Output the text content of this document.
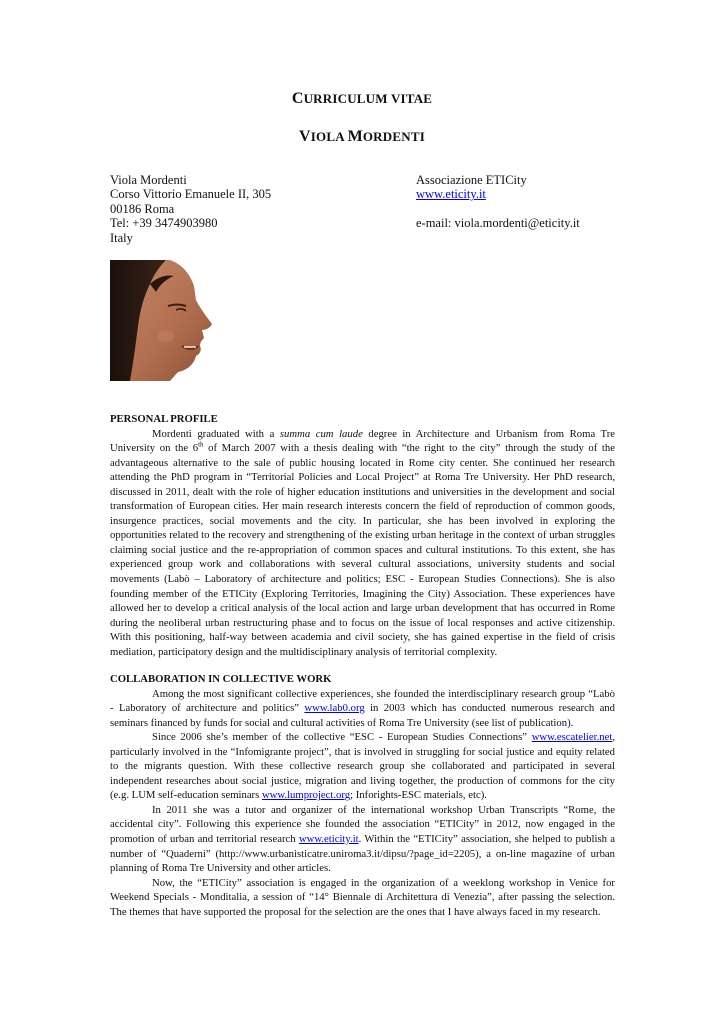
CURRICULUM VITAE
VIOLA MORDENTI
Viola Mordenti
Corso Vittorio Emanuele II, 305
00186 Roma
Tel: +39 3474903980
Italy
Associazione ETICity
www.eticity.it

e-mail: viola.mordenti@eticity.it
PERSONAL PROFILE

Mordenti graduated with a summa cum laude degree in Architecture and Urbanism from Roma Tre University on the 6th of March 2007 with a thesis dealing with “the right to the city” through the study of the advantageous alternative to the sale of public housing located in Rome city center. She continued her research attending the PhD program in “Territorial Policies and Local Project” at Roma Tre University. Her PhD research, discussed in 2011, dealt with the role of higher education institutions and universities in the development and social transformation of European cities. Her main research interests concern the field of reproduction of common goods, insurgence practices, social movements and the city. In particular, she has been involved in exploring the opportunities related to the recovery and strengthening of the existing urban heritage in the context of urban struggles claiming social justice and the re-appropriation of common spaces and cultural institutions. To this extent, she has experienced group work and collaborations with several cultural associations, university students and social movements (Labò – Laboratory of architecture and politics; ESC - European Studies Connections). She is also founding member of the ETICity (Exploring Territories, Imagining the City) Association. These experiences have allowed her to develop a critical analysis of the local action and large urban development that has occurred in Rome during the neoliberal urban restructuring phase and to focus on the issue of local responses and active citizenship. With this positioning, half-way between academia and civil society, she has gained expertise in the field of crisis mediation, participatory design and the multidisciplinary analysis of territorial complexity.

COLLABORATION IN COLLECTIVE WORK

Among the most significant collective experiences, she founded the interdisciplinary research group “Labò - Laboratory of architecture and politics” www.lab0.org in 2003 which has conducted numerous research and seminars financed by funds for social and cultural activities of Roma Tre University (see list of publication).

Since 2006 she’s member of the collective “ESC - European Studies Connections” www.escatelier.net, particularly involved in the “Infomigrante project”, that is involved in struggling for social justice and equity related to the migrants question. With these collective research group she collaborated and participated in several independent researches about social justice, migration and living together, the production of commons for the city (e.g. LUM self-education seminars www.lumproject.org; Inforights-ESC materials, etc).

In 2011 she was a tutor and organizer of the international workshop Urban Transcripts “Rome, the accidental city”. Following this experience she founded the association “ETICity” in 2012, now engaged in the promotion of urban and territorial research www.eticity.it. Within the “ETICity” association, she helped to publish a number of “Quaderni” (http://www.urbanisticatre.uniroma3.it/dipsu/?page_id=2205), a on-line magazine of urban planning of Roma Tre University and other articles.

Now, the “ETICity” association is engaged in the organization of a weeklong workshop in Venice for Weekend Specials - Monditalia, a session of “14° Biennale di Architettura di Venezia”, after passing the selection. The themes that have supported the proposal for the selection are the ones that I have always faced in my research.
